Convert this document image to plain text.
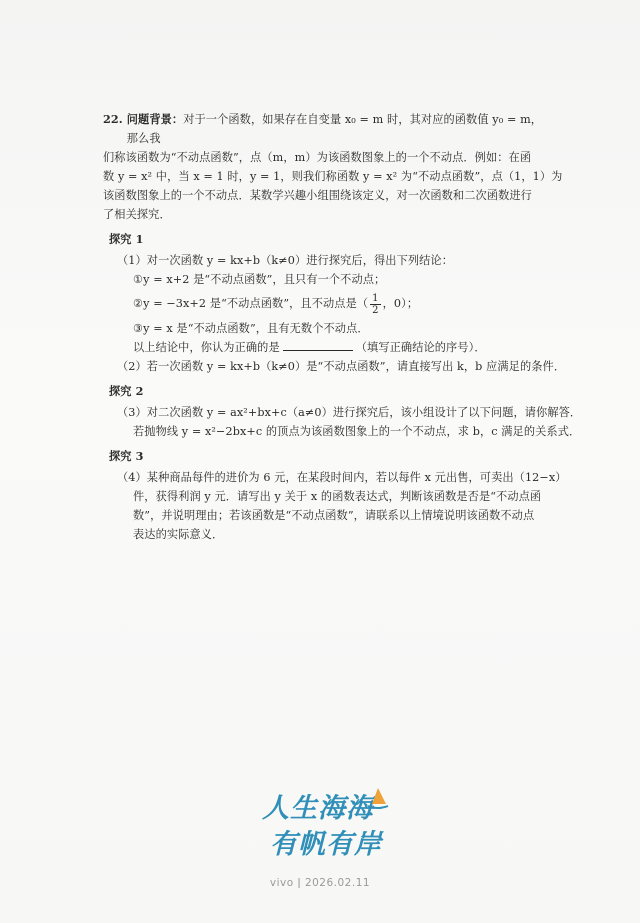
22. 问题背景：对于一个函数，如果存在自变量 x₀ = m 时，其对应的函数值 y₀ = m，那么我
们称该函数为“不动点函数”，点（m，m）为该函数图象上的一个不动点．例如：在函
数 y = x² 中，当 x = 1 时，y = 1，则我们称函数 y = x² 为“不动点函数”，点（1，1）为
该函数图象上的一个不动点．某数学兴趣小组围绕该定义，对一次函数和二次函数进行
了相关探究．
探究 1
（1）对一次函数 y = kx+b（k≠0）进行探究后，得出下列结论：
①y = x+2 是“不动点函数”，且只有一个不动点；
②y = −3x+2 是“不动点函数”，且不动点是（ $\frac{1}{2}$ ，0）；
③y = x 是“不动点函数”，且有无数个不动点．
以上结论中，你认为正确的是	（填写正确结论的序号）．
（2）若一次函数 y = kx+b（k≠0）是“不动点函数”，请直接写出 k，b 应满足的条件．
探究 2
（3）对二次函数 y = ax²+bx+c（a≠0）进行探究后，该小组设计了以下问题，请你解答．
若抛物线 y = x²−2bx+c 的顶点为该函数图象上的一个不动点，求 b，c 满足的关系式．
探究 3
（4）某种商品每件的进价为 6 元，在某段时间内，若以每件 x 元出售，可卖出（12−x）
件，获得利润 y 元．请写出 y 关于 x 的函数表达式，判断该函数是否是“不动点函
数”，并说明理由；若该函数是“不动点函数”，请联系以上情境说明该函数不动点
表达的实际意义．
人生海海
有帆有岸
vivo ǀ 2026.02.11
